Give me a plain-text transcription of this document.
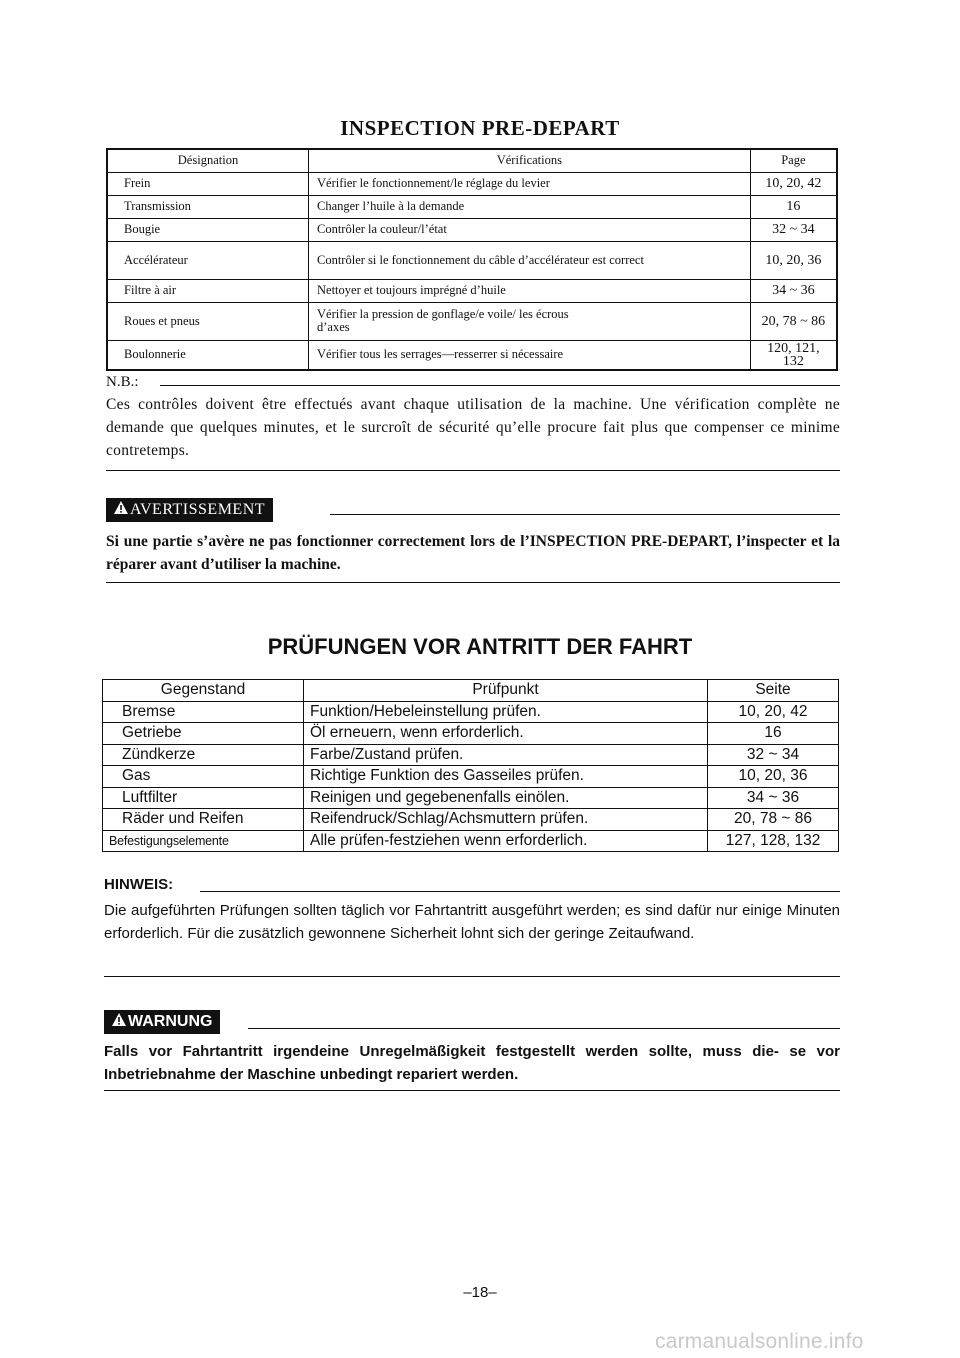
INSPECTION PRE-DEPART
Désignation	Vérifications	Page
Frein	Vérifier le fonctionnement/le réglage du levier	10, 20, 42
Transmission	Changer l’huile à la demande	16
Bougie	Contrôler la couleur/l’état	32 ~ 34
Accélérateur	Contrôler si le fonctionnement du câble d’accélérateur est correct	10, 20, 36
Filtre à air	Nettoyer et toujours imprégné d’huile	34 ~ 36
Roues et pneus	Vérifier la pression de gonflage/e voile/ les écrous d’axes	20, 78 ~ 86
Boulonnerie	Vérifier tous les serrages—resserrer si nécessaire	120, 121, 132
N.B.:
Ces contrôles doivent être effectués avant chaque utilisation de la machine. Une vérification complète ne demande que quelques minutes, et le surcroît de sécurité qu’elle procure fait plus que compenser ce minime contretemps.
AVERTISSEMENT
Si une partie s’avère ne pas fonctionner correctement lors de l’INSPECTION PRE-DEPART, l’inspecter et la réparer avant d’utiliser la machine.
PRÜFUNGEN VOR ANTRITT DER FAHRT
Gegenstand	Prüfpunkt	Seite
Bremse	Funktion/Hebeleinstellung prüfen.	10, 20, 42
Getriebe	Öl erneuern, wenn erforderlich.	16
Zündkerze	Farbe/Zustand prüfen.	32 ~ 34
Gas	Richtige Funktion des Gasseiles prüfen.	10, 20, 36
Luftfilter	Reinigen und gegebenenfalls einölen.	34 ~ 36
Räder und Reifen	Reifendruck/Schlag/Achsmuttern prüfen.	20, 78 ~ 86
Befestigungselemente	Alle prüfen-festziehen wenn erforderlich.	127, 128, 132
HINWEIS:
Die aufgeführten Prüfungen sollten täglich vor Fahrtantritt ausgeführt werden; es sind dafür nur einige Minuten erforderlich. Für die zusätzlich gewonnene Sicherheit lohnt sich der geringe Zeitaufwand.
WARNUNG
Falls vor Fahrtantritt irgendeine Unregelmäßigkeit festgestellt werden sollte, muss die- se vor Inbetriebnahme der Maschine unbedingt repariert werden.
–18–
carmanualsonline.info
